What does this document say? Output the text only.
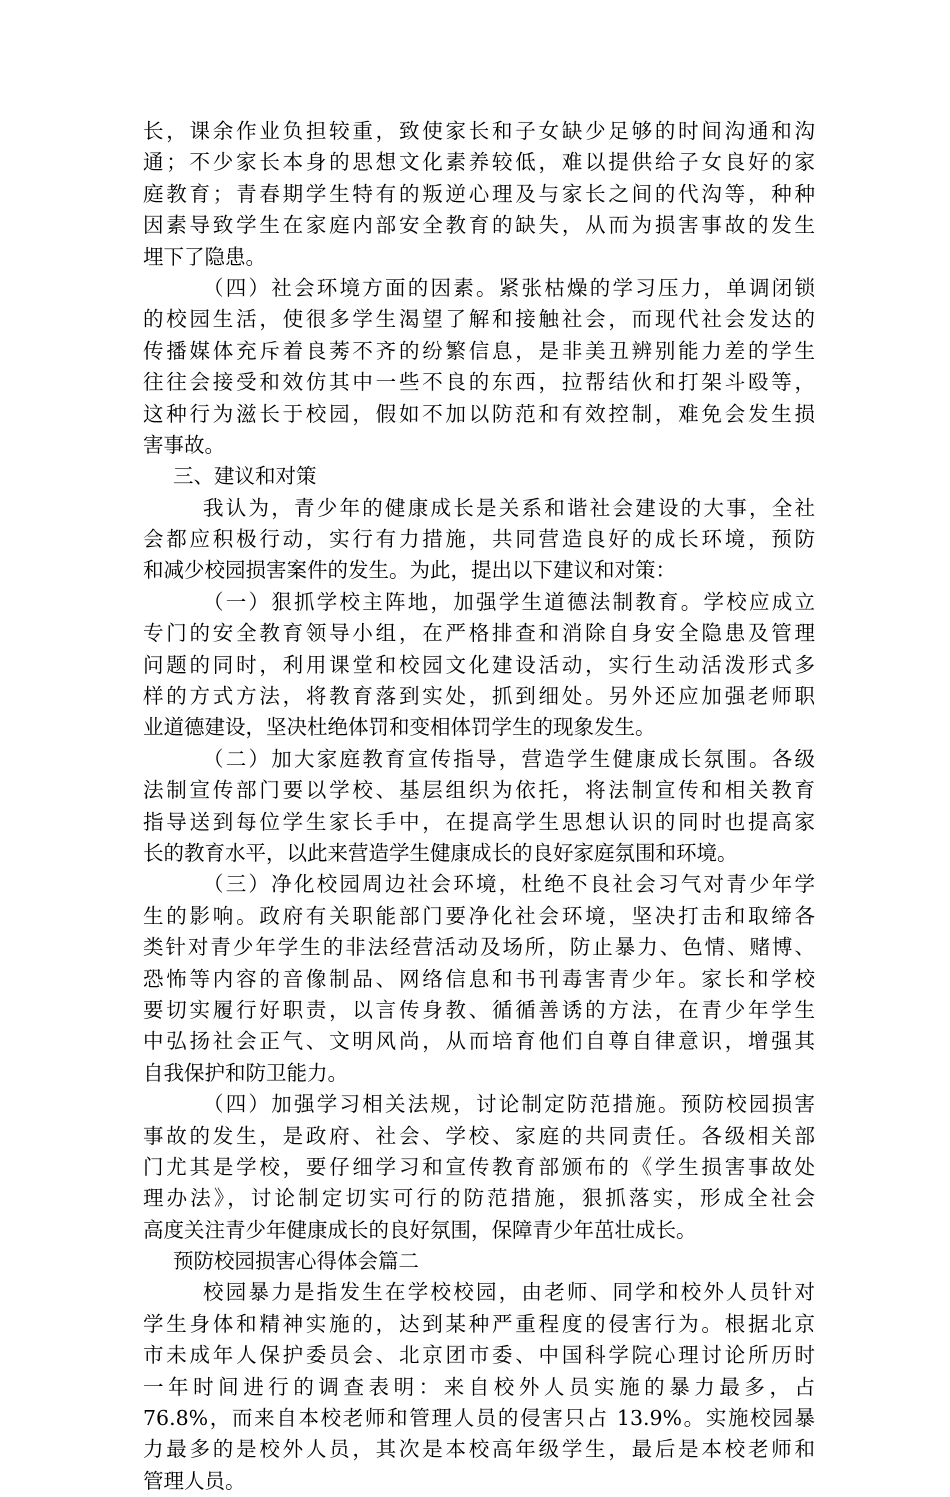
长，课余作业负担较重，致使家长和子女缺少足够的时间沟通和沟
通；不少家长本身的思想文化素养较低，难以提供给子女良好的家
庭教育；青春期学生特有的叛逆心理及与家长之间的代沟等，种种
因素导致学生在家庭内部安全教育的缺失，从而为损害事故的发生
埋下了隐患。
（四）社会环境方面的因素。紧张枯燥的学习压力，单调闭锁
的校园生活，使很多学生渴望了解和接触社会，而现代社会发达的
传播媒体充斥着良莠不齐的纷繁信息，是非美丑辨别能力差的学生
往往会接受和效仿其中一些不良的东西，拉帮结伙和打架斗殴等，
这种行为滋长于校园，假如不加以防范和有效控制，难免会发生损
害事故。
三、建议和对策
我认为，青少年的健康成长是关系和谐社会建设的大事，全社
会都应积极行动，实行有力措施，共同营造良好的成长环境，预防
和减少校园损害案件的发生。为此，提出以下建议和对策：
（一）狠抓学校主阵地，加强学生道德法制教育。学校应成立
专门的安全教育领导小组，在严格排查和消除自身安全隐患及管理
问题的同时，利用课堂和校园文化建设活动，实行生动活泼形式多
样的方式方法，将教育落到实处，抓到细处。另外还应加强老师职
业道德建设，坚决杜绝体罚和变相体罚学生的现象发生。
（二）加大家庭教育宣传指导，营造学生健康成长氛围。各级
法制宣传部门要以学校、基层组织为依托，将法制宣传和相关教育
指导送到每位学生家长手中，在提高学生思想认识的同时也提高家
长的教育水平，以此来营造学生健康成长的良好家庭氛围和环境。
（三）净化校园周边社会环境，杜绝不良社会习气对青少年学
生的影响。政府有关职能部门要净化社会环境，坚决打击和取缔各
类针对青少年学生的非法经营活动及场所，防止暴力、色情、赌博、
恐怖等内容的音像制品、网络信息和书刊毒害青少年。家长和学校
要切实履行好职责，以言传身教、循循善诱的方法，在青少年学生
中弘扬社会正气、文明风尚，从而培育他们自尊自律意识，增强其
自我保护和防卫能力。
（四）加强学习相关法规，讨论制定防范措施。预防校园损害
事故的发生，是政府、社会、学校、家庭的共同责任。各级相关部
门尤其是学校，要仔细学习和宣传教育部颁布的《学生损害事故处
理办法》，讨论制定切实可行的防范措施，狠抓落实，形成全社会
高度关注青少年健康成长的良好氛围，保障青少年茁壮成长。
预防校园损害心得体会篇二
校园暴力是指发生在学校校园，由老师、同学和校外人员针对
学生身体和精神实施的，达到某种严重程度的侵害行为。根据北京
市未成年人保护委员会、北京团市委、中国科学院心理讨论所历时
一年时间进行的调查表明：来自校外人员实施的暴力最多，占
76.8%，而来自本校老师和管理人员的侵害只占 13.9%。实施校园暴
力最多的是校外人员，其次是本校高年级学生，最后是本校老师和
管理人员。
